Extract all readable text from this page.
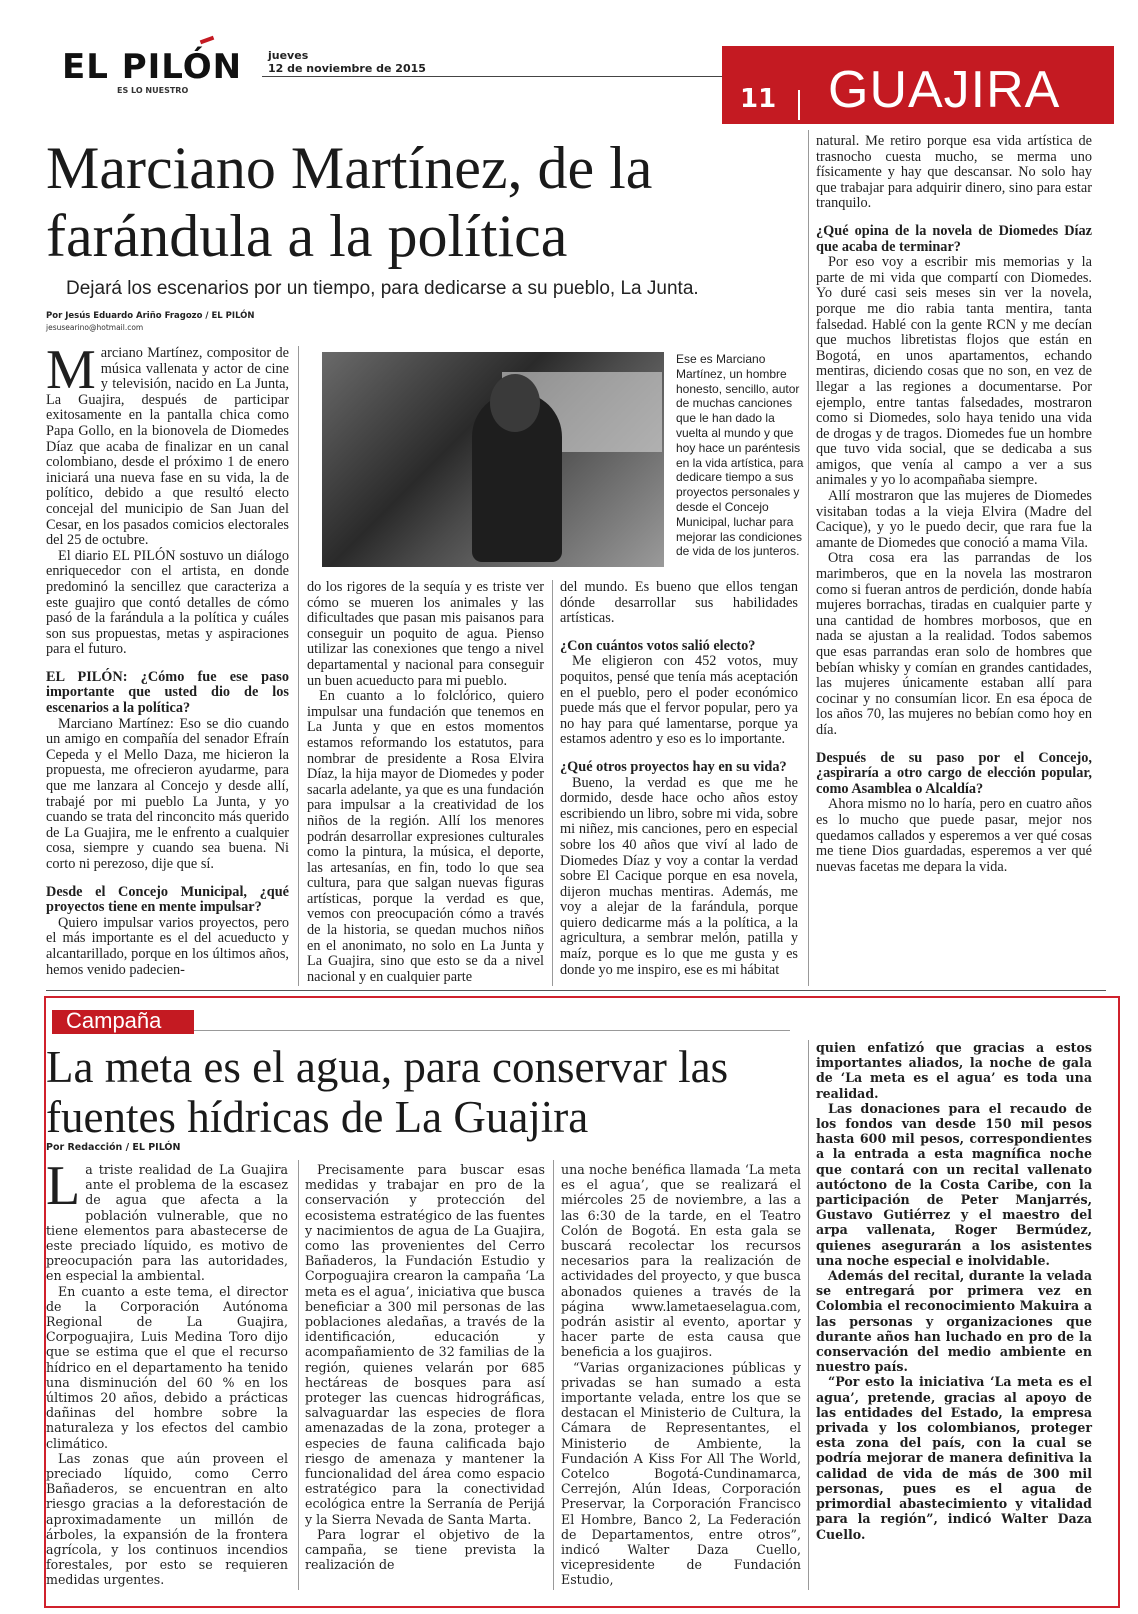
EL PILÓN
ES LO NUESTRO
jueves
12 de noviembre de 2015
11 GUAJIRA
Marciano Martínez, de la farándula a la política
Dejará los escenarios por un tiempo, para dedicarse a su pueblo, La Junta.
Por Jesús Eduardo Ariño Fragozo / EL PILÓN
jesusearino@hotmail.com

Marciano Martínez, compositor de música vallenata y actor de cine y televisión, nacido en La Junta, La Guajira, después de participar exitosamente en la pantalla chica como Papa Gollo, en la bionovela de Diomedes Díaz que acaba de finalizar en un canal colombiano, desde el próximo 1 de enero iniciará una nueva fase en su vida, la de político, debido a que resultó electo concejal del municipio de San Juan del Cesar, en los pasados comicios electorales del 25 de octubre.

El diario EL PILÓN sostuvo un diálogo enriquecedor con el artista, en donde predominó la sencillez que caracteriza a este guajiro que contó detalles de cómo pasó de la farándula a la política y cuáles son sus propuestas, metas y aspiraciones para el futuro.

EL PILÓN: ¿Cómo fue ese paso importante que usted dio de los escenarios a la política?

Marciano Martínez: Eso se dio cuando un amigo en compañía del senador Efraín Cepeda y el Mello Daza, me hicieron la propuesta, me ofrecieron ayudarme, para que me lanzara al Concejo y desde allí, trabajé por mi pueblo La Junta, y yo cuando se trata del rinconcito más querido de La Guajira, me le enfrento a cualquier cosa, siempre y cuando sea buena. Ni corto ni perezoso, dije que sí.

Desde el Concejo Municipal, ¿qué proyectos tiene en mente impulsar?

Quiero impulsar varios proyectos, pero el más importante es el del acueducto y alcantarillado, porque en los últimos años, hemos venido padecien-

Ese es Marciano Martínez, un hombre honesto, sencillo, autor de muchas canciones que le han dado la vuelta al mundo y que hoy hace un paréntesis en la vida artística, para dedicare tiempo a sus proyectos personales y desde el Concejo Municipal, luchar para mejorar las condiciones de vida de los junteros.

do los rigores de la sequía y es triste ver cómo se mueren los animales y las dificultades que pasan mis paisanos para conseguir un poquito de agua. Pienso utilizar las conexiones que tengo a nivel departamental y nacional para conseguir un buen acueducto para mi pueblo.

En cuanto a lo folclórico, quiero impulsar una fundación que tenemos en La Junta y que en estos momentos estamos reformando los estatutos, para nombrar de presidente a Rosa Elvira Díaz, la hija mayor de Diomedes y poder sacarla adelante, ya que es una fundación para impulsar a la creatividad de los niños de la región. Allí los menores podrán desarrollar expresiones culturales como la pintura, la música, el deporte, las artesanías, en fin, todo lo que sea cultura, para que salgan nuevas figuras artísticas, porque la verdad es que, vemos con preocupación cómo a través de la historia, se quedan muchos niños en el anonimato, no solo en La Junta y La Guajira, sino que esto se da a nivel nacional y en cualquier parte

del mundo. Es bueno que ellos tengan dónde desarrollar sus habilidades artísticas.

¿Con cuántos votos salió electo?

Me eligieron con 452 votos, muy poquitos, pensé que tenía más aceptación en el pueblo, pero el poder económico puede más que el fervor popular, pero ya no hay para qué lamentarse, porque ya estamos adentro y eso es lo importante.

¿Qué otros proyectos hay en su vida?

Bueno, la verdad es que me he dormido, desde hace ocho años estoy escribiendo un libro, sobre mi vida, sobre mi niñez, mis canciones, pero en especial sobre los 40 años que viví al lado de Diomedes Díaz y voy a contar la verdad sobre El Cacique porque en esa novela, dijeron muchas mentiras. Además, me voy a alejar de la farándula, porque quiero dedicarme más a la política, a la agricultura, a sembrar melón, patilla y maíz, porque es lo que me gusta y es donde yo me inspiro, ese es mi hábitat

natural. Me retiro porque esa vida artística de trasnocho cuesta mucho, se merma uno físicamente y hay que descansar. No solo hay que trabajar para adquirir dinero, sino para estar tranquilo.

¿Qué opina de la novela de Diomedes Díaz que acaba de terminar?

Por eso voy a escribir mis memorias y la parte de mi vida que compartí con Diomedes. Yo duré casi seis meses sin ver la novela, porque me dio rabia tanta mentira, tanta falsedad. Hablé con la gente RCN y me decían que muchos libretistas flojos que están en Bogotá, en unos apartamentos, echando mentiras, diciendo cosas que no son, en vez de llegar a las regiones a documentarse. Por ejemplo, entre tantas falsedades, mostraron como si Diomedes, solo haya tenido una vida de drogas y de tragos. Diomedes fue un hombre que tuvo vida social, que se dedicaba a sus amigos, que venía al campo a ver a sus animales y yo lo acompañaba siempre.

Allí mostraron que las mujeres de Diomedes visitaban todas a la vieja Elvira (Madre del Cacique), y yo le puedo decir, que rara fue la amante de Diomedes que conoció a mama Vila.

Otra cosa era las parrandas de los marimberos, que en la novela las mostraron como si fueran antros de perdición, donde había mujeres borrachas, tiradas en cualquier parte y una cantidad de hombres morbosos, que en nada se ajustan a la realidad. Todos sabemos que esas parrandas eran solo de hombres que bebían whisky y comían en grandes cantidades, las mujeres únicamente estaban allí para cocinar y no consumían licor. En esa época de los años 70, las mujeres no bebían como hoy en día.

Después de su paso por el Concejo, ¿aspiraría a otro cargo de elección popular, como Asamblea o Alcaldía?

Ahora mismo no lo haría, pero en cuatro años es lo mucho que puede pasar, mejor nos quedamos callados y esperemos a ver qué cosas me tiene Dios guardadas, esperemos a ver qué nuevas facetas me depara la vida.

Campaña
La meta es el agua, para conservar las fuentes hídricas de La Guajira
Por Redacción / EL PILÓN

La triste realidad de La Guajira ante el problema de la escasez de agua que afecta a la población vulnerable, que no tiene elementos para abastecerse de este preciado líquido, es motivo de preocupación para las autoridades, en especial la ambiental.

En cuanto a este tema, el director de la Corporación Autónoma Regional de La Guajira, Corpoguajira, Luis Medina Toro dijo que se estima que el que el recurso hídrico en el departamento ha tenido una disminución del 60 % en los últimos 20 años, debido a prácticas dañinas del hombre sobre la naturaleza y los efectos del cambio climático.

Las zonas que aún proveen el preciado líquido, como Cerro Bañaderos, se encuentran en alto riesgo gracias a la deforestación de aproximadamente un millón de árboles, la expansión de la frontera agrícola, y los continuos incendios forestales, por esto se requieren medidas urgentes.

Precisamente para buscar esas medidas y trabajar en pro de la conservación y protección del ecosistema estratégico de las fuentes y nacimientos de agua de La Guajira, como las provenientes del Cerro Bañaderos, la Fundación Estudio y Corpoguajira crearon la campaña ‘La meta es el agua’, iniciativa que busca beneficiar a 300 mil personas de las poblaciones aledañas, a través de la identificación, educación y acompañamiento de 32 familias de la región, quienes velarán por 685 hectáreas de bosques para así proteger las cuencas hidrográficas, salvaguardar las especies de flora amenazadas de la zona, proteger a especies de fauna calificada bajo riesgo de amenaza y mantener la funcionalidad del área como espacio estratégico para la conectividad ecológica entre la Serranía de Perijá y la Sierra Nevada de Santa Marta.

Para lograr el objetivo de la campaña, se tiene prevista la realización de

una noche benéfica llamada ‘La meta es el agua’, que se realizará el miércoles 25 de noviembre, a las a las 6:30 de la tarde, en el Teatro Colón de Bogotá. En esta gala se buscará recolectar los recursos necesarios para la realización de actividades del proyecto, y que busca abonados quienes a través de la página www.lametaeselagua.com, podrán asistir al evento, aportar y hacer parte de esta causa que beneficia a los guajiros.

“Varias organizaciones públicas y privadas se han sumado a esta importante velada, entre los que se destacan el Ministerio de Cultura, la Cámara de Representantes, el Ministerio de Ambiente, la Fundación A Kiss For All The World, Cotelco Bogotá-Cundinamarca, Cerrejón, Alún Ideas, Corporación Preservar, la Corporación Francisco El Hombre, Banco 2, La Federación de Departamentos, entre otros”, indicó Walter Daza Cuello, vicepresidente de Fundación Estudio,

quien enfatizó que gracias a estos importantes aliados, la noche de gala de ‘La meta es el agua’ es toda una realidad.

Las donaciones para el recaudo de los fondos van desde 150 mil pesos hasta 600 mil pesos, correspondientes a la entrada a esta magnífica noche que contará con un recital vallenato autóctono de la Costa Caribe, con la participación de Peter Manjarrés, Gustavo Gutiérrez y el maestro del arpa vallenata, Roger Bermúdez, quienes asegurarán a los asistentes una noche especial e inolvidable.

Además del recital, durante la velada se entregará por primera vez en Colombia el reconocimiento Makuira a las personas y organizaciones que durante años han luchado en pro de la conservación del medio ambiente en nuestro país.

“Por esto la iniciativa ‘La meta es el agua’, pretende, gracias al apoyo de las entidades del Estado, la empresa privada y los colombianos, proteger esta zona del país, con la cual se podría mejorar de manera definitiva la calidad de vida de más de 300 mil personas, pues es el agua de primordial abastecimiento y vitalidad para la región”, indicó Walter Daza Cuello.
